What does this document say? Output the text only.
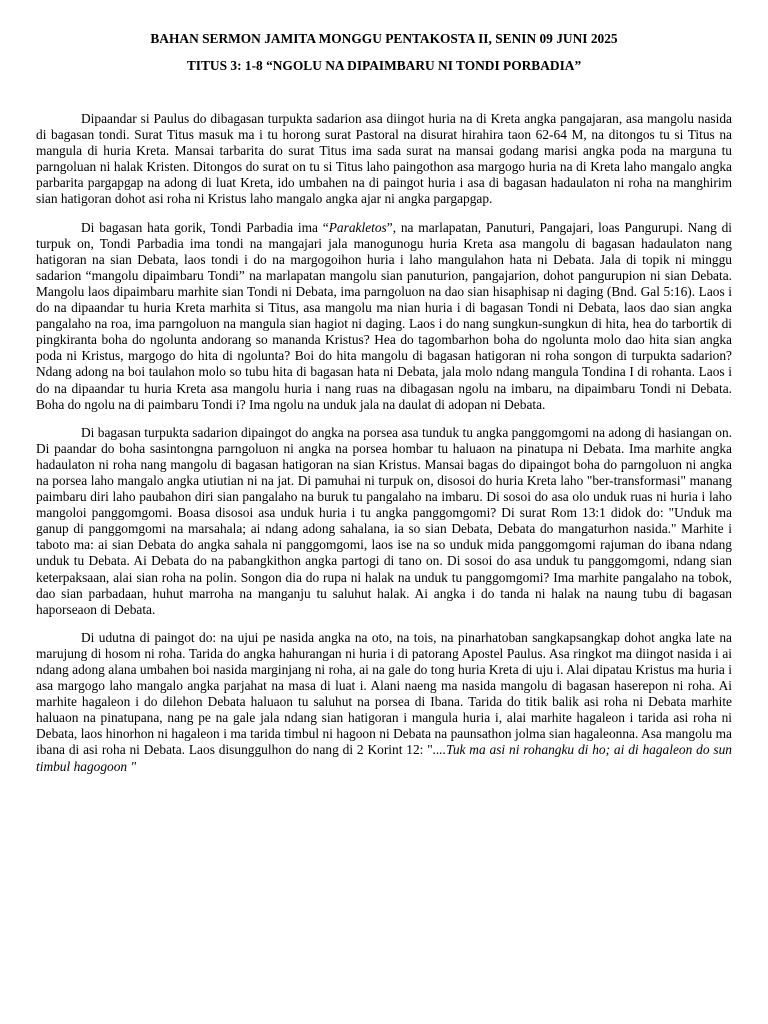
BAHAN SERMON JAMITA MONGGU PENTAKOSTA II, SENIN 09 JUNI 2025

TITUS 3: 1-8 “NGOLU NA DIPAIMBARU NI TONDI PORBADIA”

Dipaandar si Paulus do dibagasan turpukta sadarion asa diingot huria na di Kreta angka pangajaran, asa mangolu nasida di bagasan tondi. Surat Titus masuk ma i tu horong surat Pastoral na disurat hirahira taon 62-64 M, na ditongos tu si Titus na mangula di huria Kreta. Mansai tarbarita do surat Titus ima sada surat na mansai godang marisi angka poda na marguna tu parngoluan ni halak Kristen. Ditongos do surat on tu si Titus laho paingothon asa margogo huria na di Kreta laho mangalo angka parbarita pargapgap na adong di luat Kreta, ido umbahen na di paingot huria i asa di bagasan hadaulaton ni roha na manghirim sian hatigoran dohot asi roha ni Kristus laho mangalo angka ajar ni angka pargapgap.

Di bagasan hata gorik, Tondi Parbadia ima “Parakletos”, na marlapatan, Panuturi, Pangajari, loas Pangurupi. Nang di turpuk on, Tondi Parbadia ima tondi na mangajari jala manogunogu huria Kreta asa mangolu di bagasan hadaulaton nang hatigoran na sian Debata, laos tondi i do na margogoihon huria i laho mangulahon hata ni Debata. Jala di topik ni minggu sadarion “mangolu dipaimbaru Tondi” na marlapatan mangolu sian panuturion, pangajarion, dohot pangurupion ni sian Debata. Mangolu laos dipaimbaru marhite sian Tondi ni Debata, ima parngoluon na dao sian hisaphisap ni daging (Bnd. Gal 5:16). Laos i do na dipaandar tu huria Kreta marhita si Titus, asa mangolu ma nian huria i di bagasan Tondi ni Debata, laos dao sian angka pangalaho na roa, ima parngoluon na mangula sian hagiot ni daging. Laos i do nang sungkun-sungkun di hita, hea do tarbortik di pingkiranta boha do ngolunta andorang so mananda Kristus? Hea do tagombarhon boha do ngolunta molo dao hita sian angka poda ni Kristus, margogo do hita di ngolunta? Boi do hita mangolu di bagasan hatigoran ni roha songon di turpukta sadarion? Ndang adong na boi taulahon molo so tubu hita di bagasan hata ni Debata, jala molo ndang mangula Tondina I di rohanta. Laos i do na dipaandar tu huria Kreta asa mangolu huria i nang ruas na dibagasan ngolu na imbaru, na dipaimbaru Tondi ni Debata. Boha do ngolu na di paimbaru Tondi i? Ima ngolu na unduk jala na daulat di adopan ni Debata.

Di bagasan turpukta sadarion dipaingot do angka na porsea asa tunduk tu angka panggomgomi na adong di hasiangan on. Di paandar do boha sasintongna parngoluon ni angka na porsea hombar tu haluaon na pinatupa ni Debata. Ima marhite angka hadaulaton ni roha nang mangolu di bagasan hatigoran na sian Kristus. Mansai bagas do dipaingot boha do parngoluon ni angka na porsea laho mangalo angka utiutian ni na jat. Di pamuhai ni turpuk on, disosoi do huria Kreta laho "ber-transformasi" manang paimbaru diri laho paubahon diri sian pangalaho na buruk tu pangalaho na imbaru. Di sosoi do asa olo unduk ruas ni huria i laho mangoloi panggomgomi. Boasa disosoi asa unduk huria i tu angka panggomgomi? Di surat Rom 13:1 didok do: "Unduk ma ganup di panggomgomi na marsahala; ai ndang adong sahalana, ia so sian Debata, Debata do mangaturhon nasida." Marhite i taboto ma: ai sian Debata do angka sahala ni panggomgomi, laos ise na so unduk mida panggomgomi rajuman do ibana ndang unduk tu Debata. Ai Debata do na pabangkithon angka partogi di tano on. Di sosoi do asa unduk tu panggomgomi, ndang sian keterpaksaan, alai sian roha na polin. Songon dia do rupa ni halak na unduk tu panggomgomi? Ima marhite pangalaho na tobok, dao sian parbadaan, huhut marroha na manganju tu saluhut halak. Ai angka i do tanda ni halak na naung tubu di bagasan haporseaon di Debata.

Di udutna di paingot do: na ujui pe nasida angka na oto, na tois, na pinarhatoban sangkapsangkap dohot angka late na marujung di hosom ni roha. Tarida do angka hahurangan ni huria i di patorang Apostel Paulus. Asa ringkot ma diingot nasida i ai ndang adong alana umbahen boi nasida marginjang ni roha, ai na gale do tong huria Kreta di uju i. Alai dipatau Kristus ma huria i asa margogo laho mangalo angka parjahat na masa di luat i. Alani naeng ma nasida mangolu di bagasan haserepon ni roha. Ai marhite hagaleon i do dilehon Debata haluaon tu saluhut na porsea di Ibana. Tarida do titik balik asi roha ni Debata marhite haluaon na pinatupana, nang pe na gale jala ndang sian hatigoran i mangula huria i, alai marhite hagaleon i tarida asi roha ni Debata, laos hinorhon ni hagaleon i ma tarida timbul ni hagoon ni Debata na paunsathon jolma sian hagaleonna. Asa mangolu ma ibana di asi roha ni Debata. Laos disunggulhon do nang di 2 Korint 12: "....Tuk ma asi ni rohangku di ho; ai di hagaleon do sun timbul hagogoon "
